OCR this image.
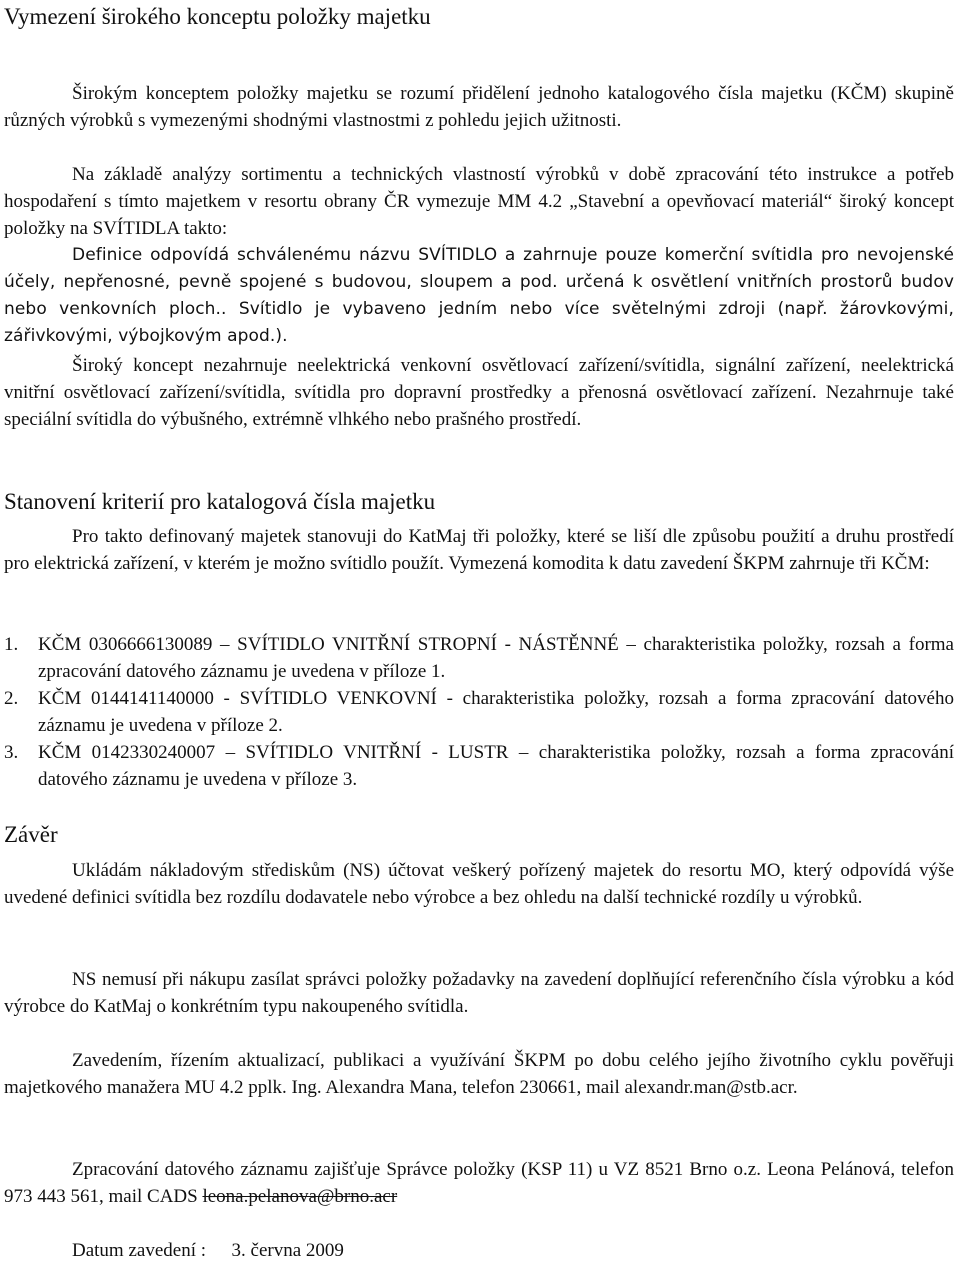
Vymezení širokého konceptu položky majetku

Širokým konceptem položky majetku se rozumí přidělení jednoho katalogového čísla majetku (KČM) skupině různých výrobků s vymezenými shodnými vlastnostmi z pohledu jejich užitnosti.

Na základě analýzy sortimentu a technických vlastností výrobků v době zpracování této instrukce a potřeb hospodaření s tímto majetkem v resortu obrany ČR vymezuje MM 4.2 „Stavební a opevňovací materiál“ široký koncept položky na SVÍTIDLA takto:

Definice odpovídá schválenému názvu SVÍTIDLO a zahrnuje pouze komerční svítidla pro nevojenské účely, nepřenosné, pevně spojené s budovou, sloupem a pod. určená k osvětlení vnitřních prostorů budov nebo venkovních ploch.. Svítidlo je vybaveno jedním nebo více světelnými zdroji (např. žárovkovými, zářivkovými, výbojkovým apod.).

Široký koncept nezahrnuje neelektrická venkovní osvětlovací zařízení/svítidla, signální zařízení, neelektrická vnitřní osvětlovací zařízení/svítidla, svítidla pro dopravní prostředky a přenosná osvětlovací zařízení. Nezahrnuje také speciální svítidla do výbušného, extrémně vlhkého nebo prašného prostředí.

Stanovení kriterií pro katalogová čísla majetku

Pro takto definovaný majetek stanovuji do KatMaj tři položky, které se liší dle způsobu použití a druhu prostředí pro elektrická zařízení, v kterém je možno svítidlo použít. Vymezená komodita k datu zavedení ŠKPM zahrnuje tři KČM:

1. KČM 0306666130089 – SVÍTIDLO VNITŘNÍ STROPNÍ - NÁSTĚNNÉ – charakteristika položky, rozsah a forma zpracování datového záznamu je uvedena v příloze 1.
2. KČM 0144141140000 - SVÍTIDLO VENKOVNÍ - charakteristika položky, rozsah a forma zpracování datového záznamu je uvedena v příloze 2.
3. KČM 0142330240007 – SVÍTIDLO VNITŘNÍ - LUSTR – charakteristika položky, rozsah a forma zpracování datového záznamu je uvedena v příloze 3.
Závěr

Ukládám nákladovým střediskům (NS) účtovat veškerý pořízený majetek do resortu MO, který odpovídá výše uvedené definici svítidla bez rozdílu dodavatele nebo výrobce a bez ohledu na další technické rozdíly u výrobků.

NS nemusí při nákupu zasílat správci položky požadavky na zavedení doplňující referenčního čísla výrobku a kód výrobce do KatMaj o konkrétním typu nakoupeného svítidla.

Zavedením, řízením aktualizací, publikaci a využívání ŠKPM po dobu celého jejího životního cyklu pověřuji majetkového manažera MU 4.2 pplk. Ing. Alexandra Mana, telefon 230661, mail alexandr.man@stb.acr.

Zpracování datového záznamu zajišťuje Správce položky (KSP 11) u VZ 8521 Brno o.z. Leona Pelánová, telefon 973 443 561, mail CADS leona.pelanova@brno.acr

Datum zavedení : 3. června 2009
